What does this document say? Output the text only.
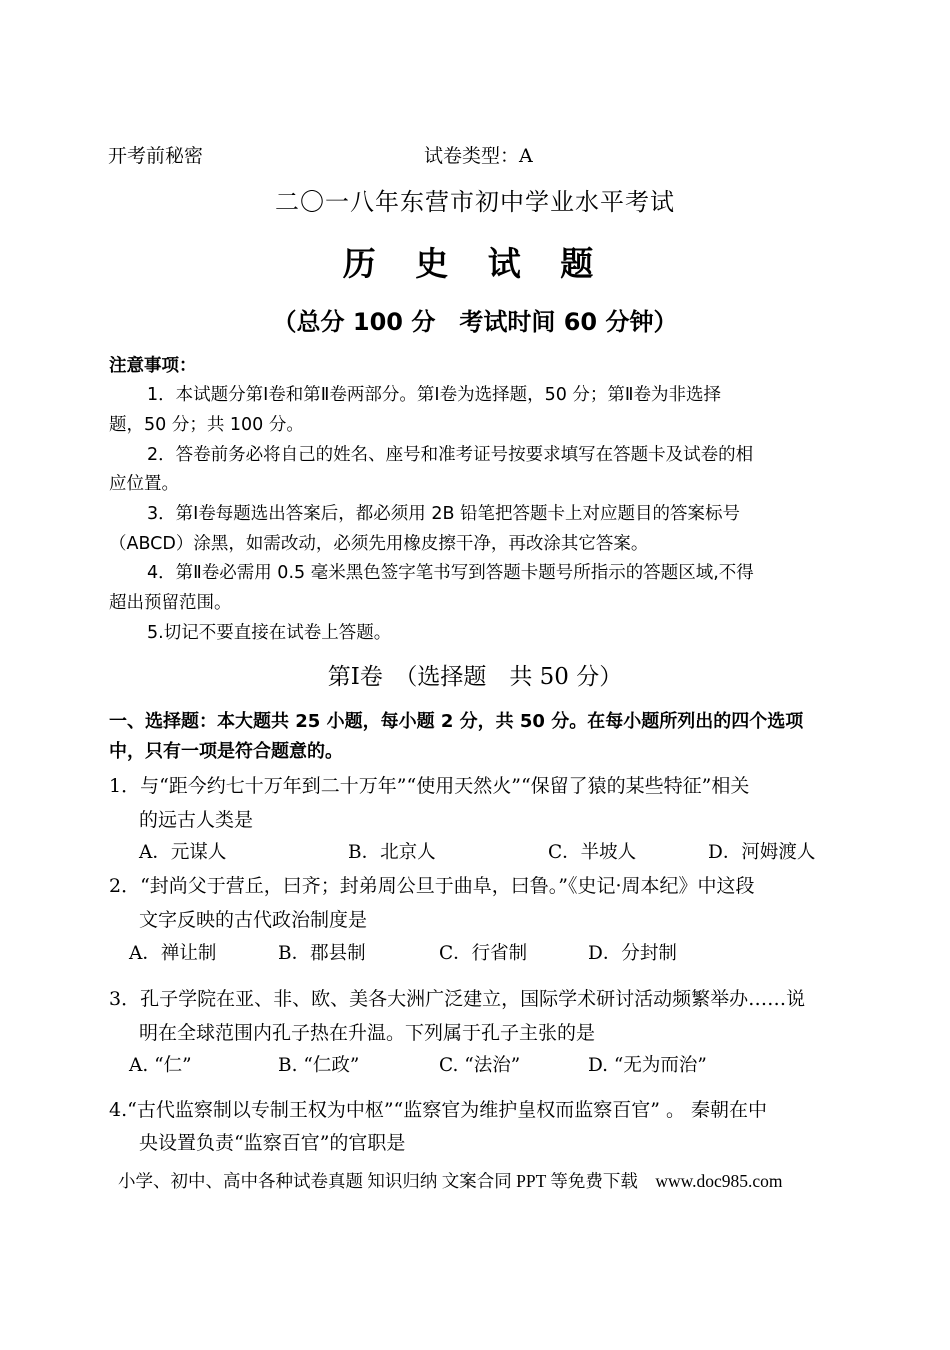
开考前秘密	试卷类型：A
二〇一八年东营市初中学业水平考试
历 史 试 题
（总分 100 分　考试时间 60 分钟）
注意事项：
1．本试题分第Ⅰ卷和第Ⅱ卷两部分。第Ⅰ卷为选择题，50 分；第Ⅱ卷为非选择
题，50 分；共 100 分。
2．答卷前务必将自己的姓名、座号和准考证号按要求填写在答题卡及试卷的相
应位置。
3．第Ⅰ卷每题选出答案后，都必须用 2B 铅笔把答题卡上对应题目的答案标号
（ABCD）涂黑，如需改动，必须先用橡皮擦干净，再改涂其它答案。
4．第Ⅱ卷必需用 0.5 毫米黑色签字笔书写到答题卡题号所指示的答题区域,不得
超出预留范围。
5.切记不要直接在试卷上答题。
第Ⅰ卷　（选择题　共 50 分）
一、选择题：本大题共 25 小题，每小题 2 分，共 50 分。在每小题所列出的四个选项
中，只有一项是符合题意的。
1．与“距今约七十万年到二十万年”“使用天然火”“保留了猿的某些特征”相关
的远古人类是
A．元谋人	B．北京人	C．半坡人	D．河姆渡人
2．“封尚父于营丘，曰齐；封弟周公旦于曲阜，曰鲁。”《史记·周本纪》中这段
文字反映的古代政治制度是
A．禅让制	B．郡县制	C．行省制	D．分封制
3．孔子学院在亚、非、欧、美各大洲广泛建立，国际学术研讨活动频繁举办……说
明在全球范围内孔子热在升温。下列属于孔子主张的是
A. “仁”	B. “仁政”	C. “法治”	D. “无为而治”
4.“古代监察制以专制王权为中枢”“监察官为维护皇权而监察百官” 。 秦朝在中
央设置负责“监察百官”的官职是
小学、初中、高中各种试卷真题 知识归纳 文案合同 PPT 等免费下载　www.doc985.com
